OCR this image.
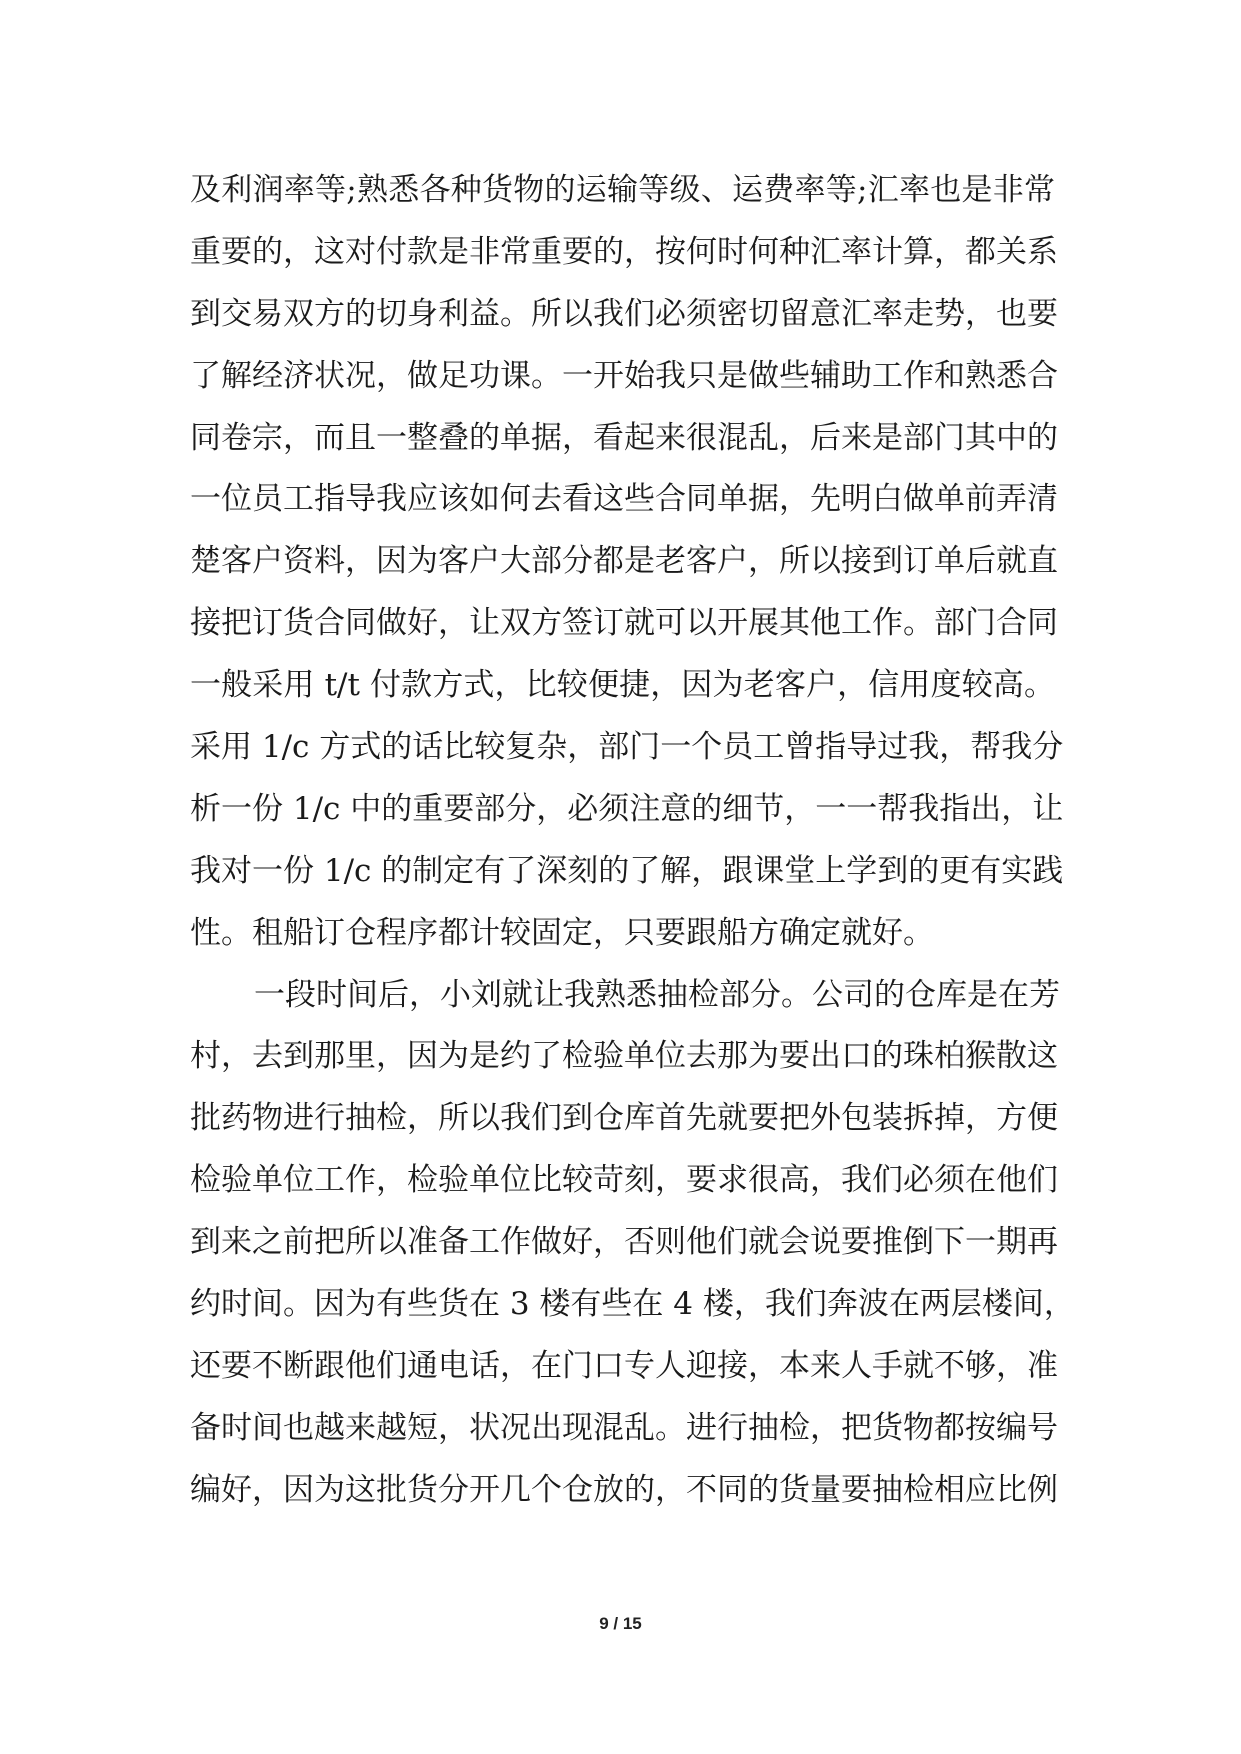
及利润率等;熟悉各种货物的运输等级、运费率等;汇率也是非常
重要的，这对付款是非常重要的，按何时何种汇率计算，都关系
到交易双方的切身利益。所以我们必须密切留意汇率走势，也要
了解经济状况，做足功课。一开始我只是做些辅助工作和熟悉合
同卷宗，而且一整叠的单据，看起来很混乱，后来是部门其中的
一位员工指导我应该如何去看这些合同单据，先明白做单前弄清
楚客户资料，因为客户大部分都是老客户，所以接到订单后就直
接把订货合同做好，让双方签订就可以开展其他工作。部门合同
一般采用 t/t 付款方式，比较便捷，因为老客户，信用度较高。
采用 1/c 方式的话比较复杂，部门一个员工曾指导过我，帮我分
析一份 1/c 中的重要部分，必须注意的细节，一一帮我指出，让
我对一份 1/c 的制定有了深刻的了解，跟课堂上学到的更有实践
性。租船订仓程序都计较固定，只要跟船方确定就好。
一段时间后，小刘就让我熟悉抽检部分。公司的仓库是在芳
村，去到那里，因为是约了检验单位去那为要出口的珠柏猴散这
批药物进行抽检，所以我们到仓库首先就要把外包装拆掉，方便
检验单位工作，检验单位比较苛刻，要求很高，我们必须在他们
到来之前把所以准备工作做好，否则他们就会说要推倒下一期再
约时间。因为有些货在 3 楼有些在 4 楼，我们奔波在两层楼间，
还要不断跟他们通电话，在门口专人迎接，本来人手就不够，准
备时间也越来越短，状况出现混乱。进行抽检，把货物都按编号
编好，因为这批货分开几个仓放的，不同的货量要抽检相应比例
9 / 15
